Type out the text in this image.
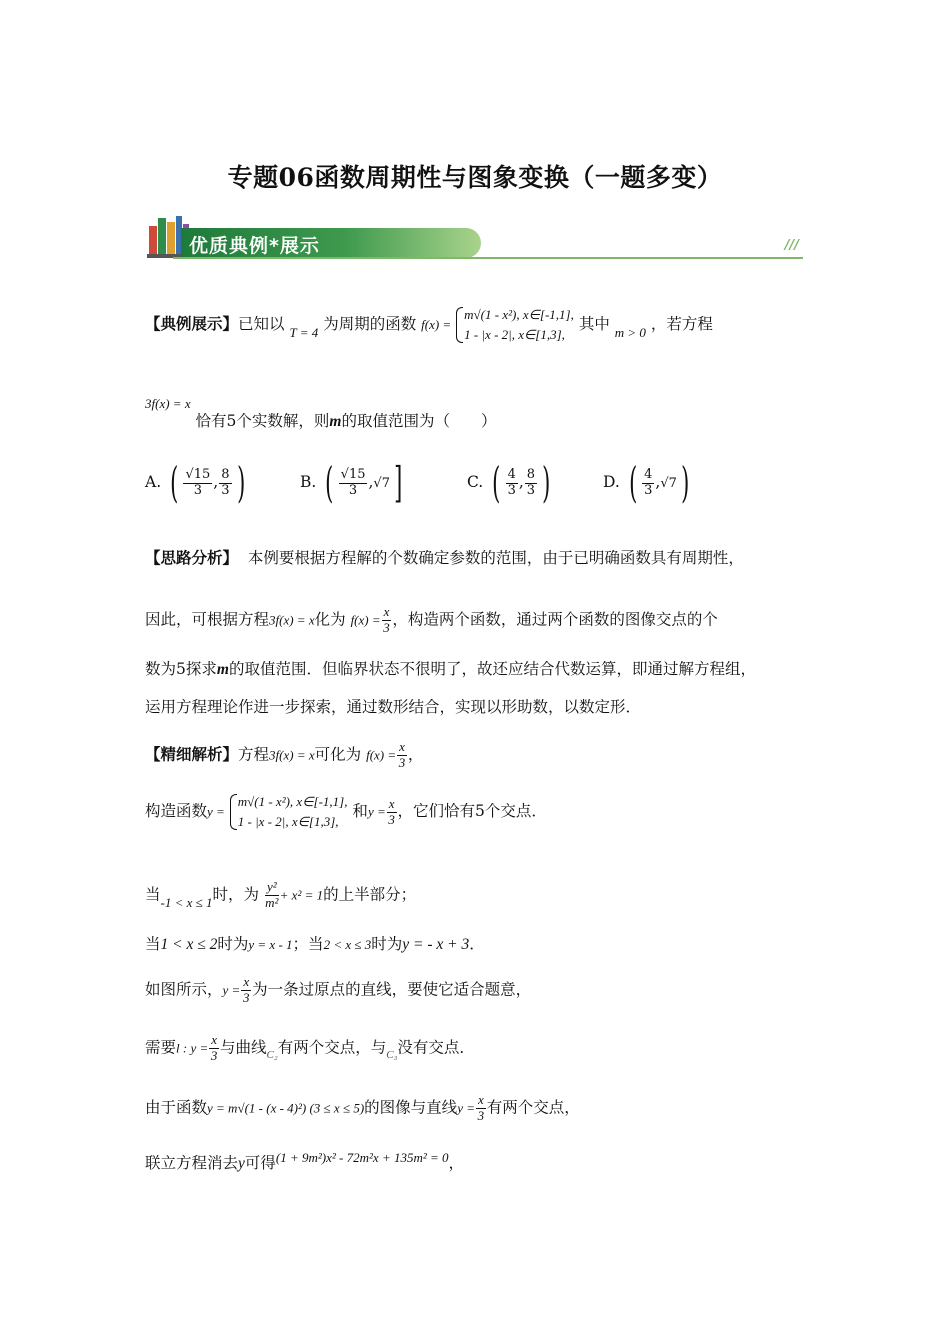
专题06函数周期性与图象变换（一题多变）
优质典例*展示	///
【典例展示】已知以 $_{T = 4}$ 为周期的函数 f(x) =
m√(1 - x²), x∈[-1,1],
1 - |x - 2|, x∈[1,3],
其中 $_{m > 0}$ ，若方程
$^{3f(x) = x}$ 恰有5个实数解，则m的取值范围为（　　）
A. ( $\frac{√15}{3}$ , $\frac{8}{3}$ )	B. ( $\frac{√15}{3} ,√7$]	C. ( $\frac{4}{3}$ , $\frac{8}{3}$ )	D. ( $\frac{4}{3} ,√7$)
【思路分析】 本例要根据方程解的个数确定参数的范围，由于已明确函数具有周期性，
因此，可根据方程3f(x) = x化为 $f(x) = \frac{x}{3}$ ，构造两个函数，通过两个函数的图像交点的个
数为5探求m的取值范围．但临界状态不很明了，故还应结合代数运算，即通过解方程组，
运用方程理论作进一步探索，通过数形结合，实现以形助数，以数定形．
【精细解析】方程3f(x) = x可化为 $f(x) = \frac{x}{3}$ ，
构造函数y =
m√(1 - x²), x∈[-1,1],
1 - |x - 2|, x∈[1,3],
和$y = \frac{x}{3}$ ，它们恰有5个交点．
当$_{-1 < x \le 1}$时，为 $\frac{\text{y²}}{\text{m²}} + x^2 = 1$的上半部分；
当1 < x ≤ 2时为y = x - 1；当2 < x ≤ 3时为y = - x + 3．
如图所示，$y = \frac{x}{3}$ 为一条过原点的直线，要使它适合题意，
需要l : $y = \frac{x}{3}$ 与曲线$_{C_2}$有两个交点，与$_{C_3}$没有交点．
由于函数y = m√(1 - (x - 4)²) (3 ≤ x ≤ 5)的图像与直线$y = \frac{x}{3}$ 有两个交点，
联立方程消去y可得$^{(1 + 9m^2)x^2 - 72m^2x + 135m^2 = 0}$，
